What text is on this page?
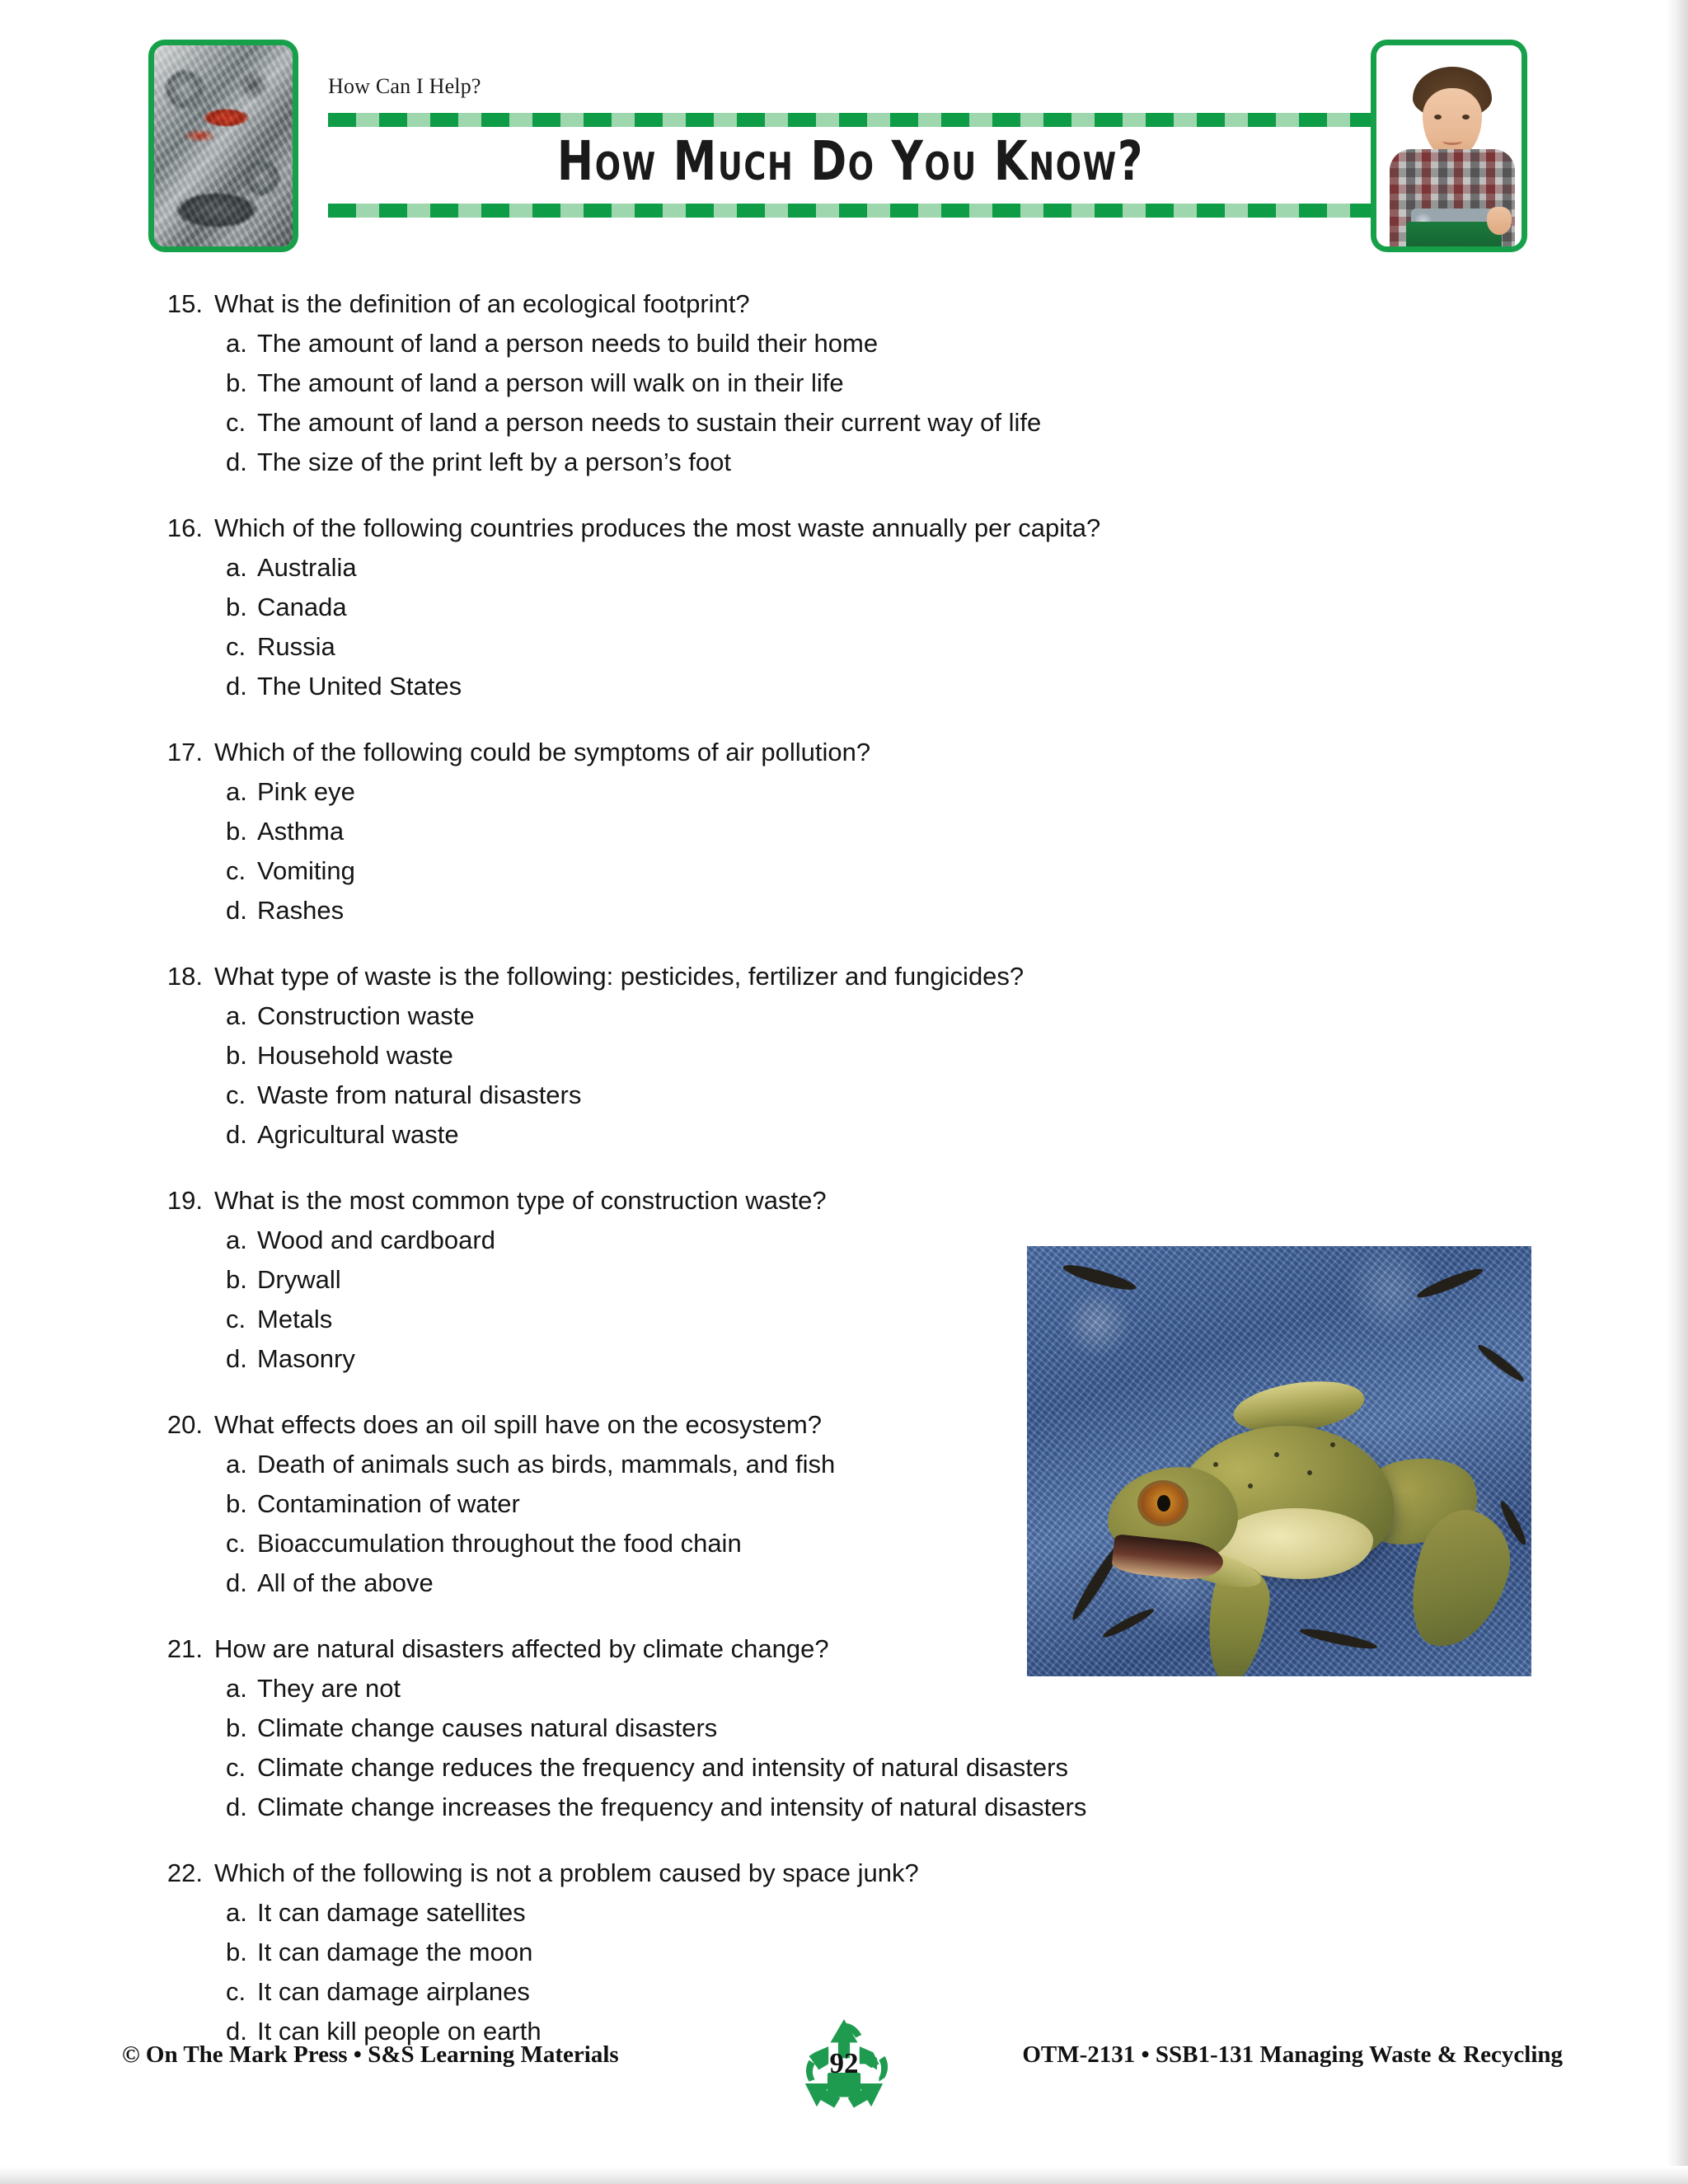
How Can I Help?
How Much Do You Know?
15. What is the definition of an ecological footprint?
a. The amount of land a person needs to build their home
b. The amount of land a person will walk on in their life
c. The amount of land a person needs to sustain their current way of life
d. The size of the print left by a person’s foot
16. Which of the following countries produces the most waste annually per capita?
a. Australia
b. Canada
c. Russia
d. The United States
17. Which of the following could be symptoms of air pollution?
a. Pink eye
b. Asthma
c. Vomiting
d. Rashes
18. What type of waste is the following: pesticides, fertilizer and fungicides?
a. Construction waste
b. Household waste
c. Waste from natural disasters
d. Agricultural waste
19. What is the most common type of construction waste?
a. Wood and cardboard
b. Drywall
c. Metals
d. Masonry
20. What effects does an oil spill have on the ecosystem?
a. Death of animals such as birds, mammals, and fish
b. Contamination of water
c. Bioaccumulation throughout the food chain
d. All of the above
21. How are natural disasters affected by climate change?
a. They are not
b. Climate change causes natural disasters
c. Climate change reduces the frequency and intensity of natural disasters
d. Climate change increases the frequency and intensity of natural disasters
22. Which of the following is not a problem caused by space junk?
a. It can damage satellites
b. It can damage the moon
c. It can damage airplanes
d. It can kill people on earth
© On The Mark Press • S&S Learning Materials	92	OTM-2131 • SSB1-131 Managing Waste & Recycling
